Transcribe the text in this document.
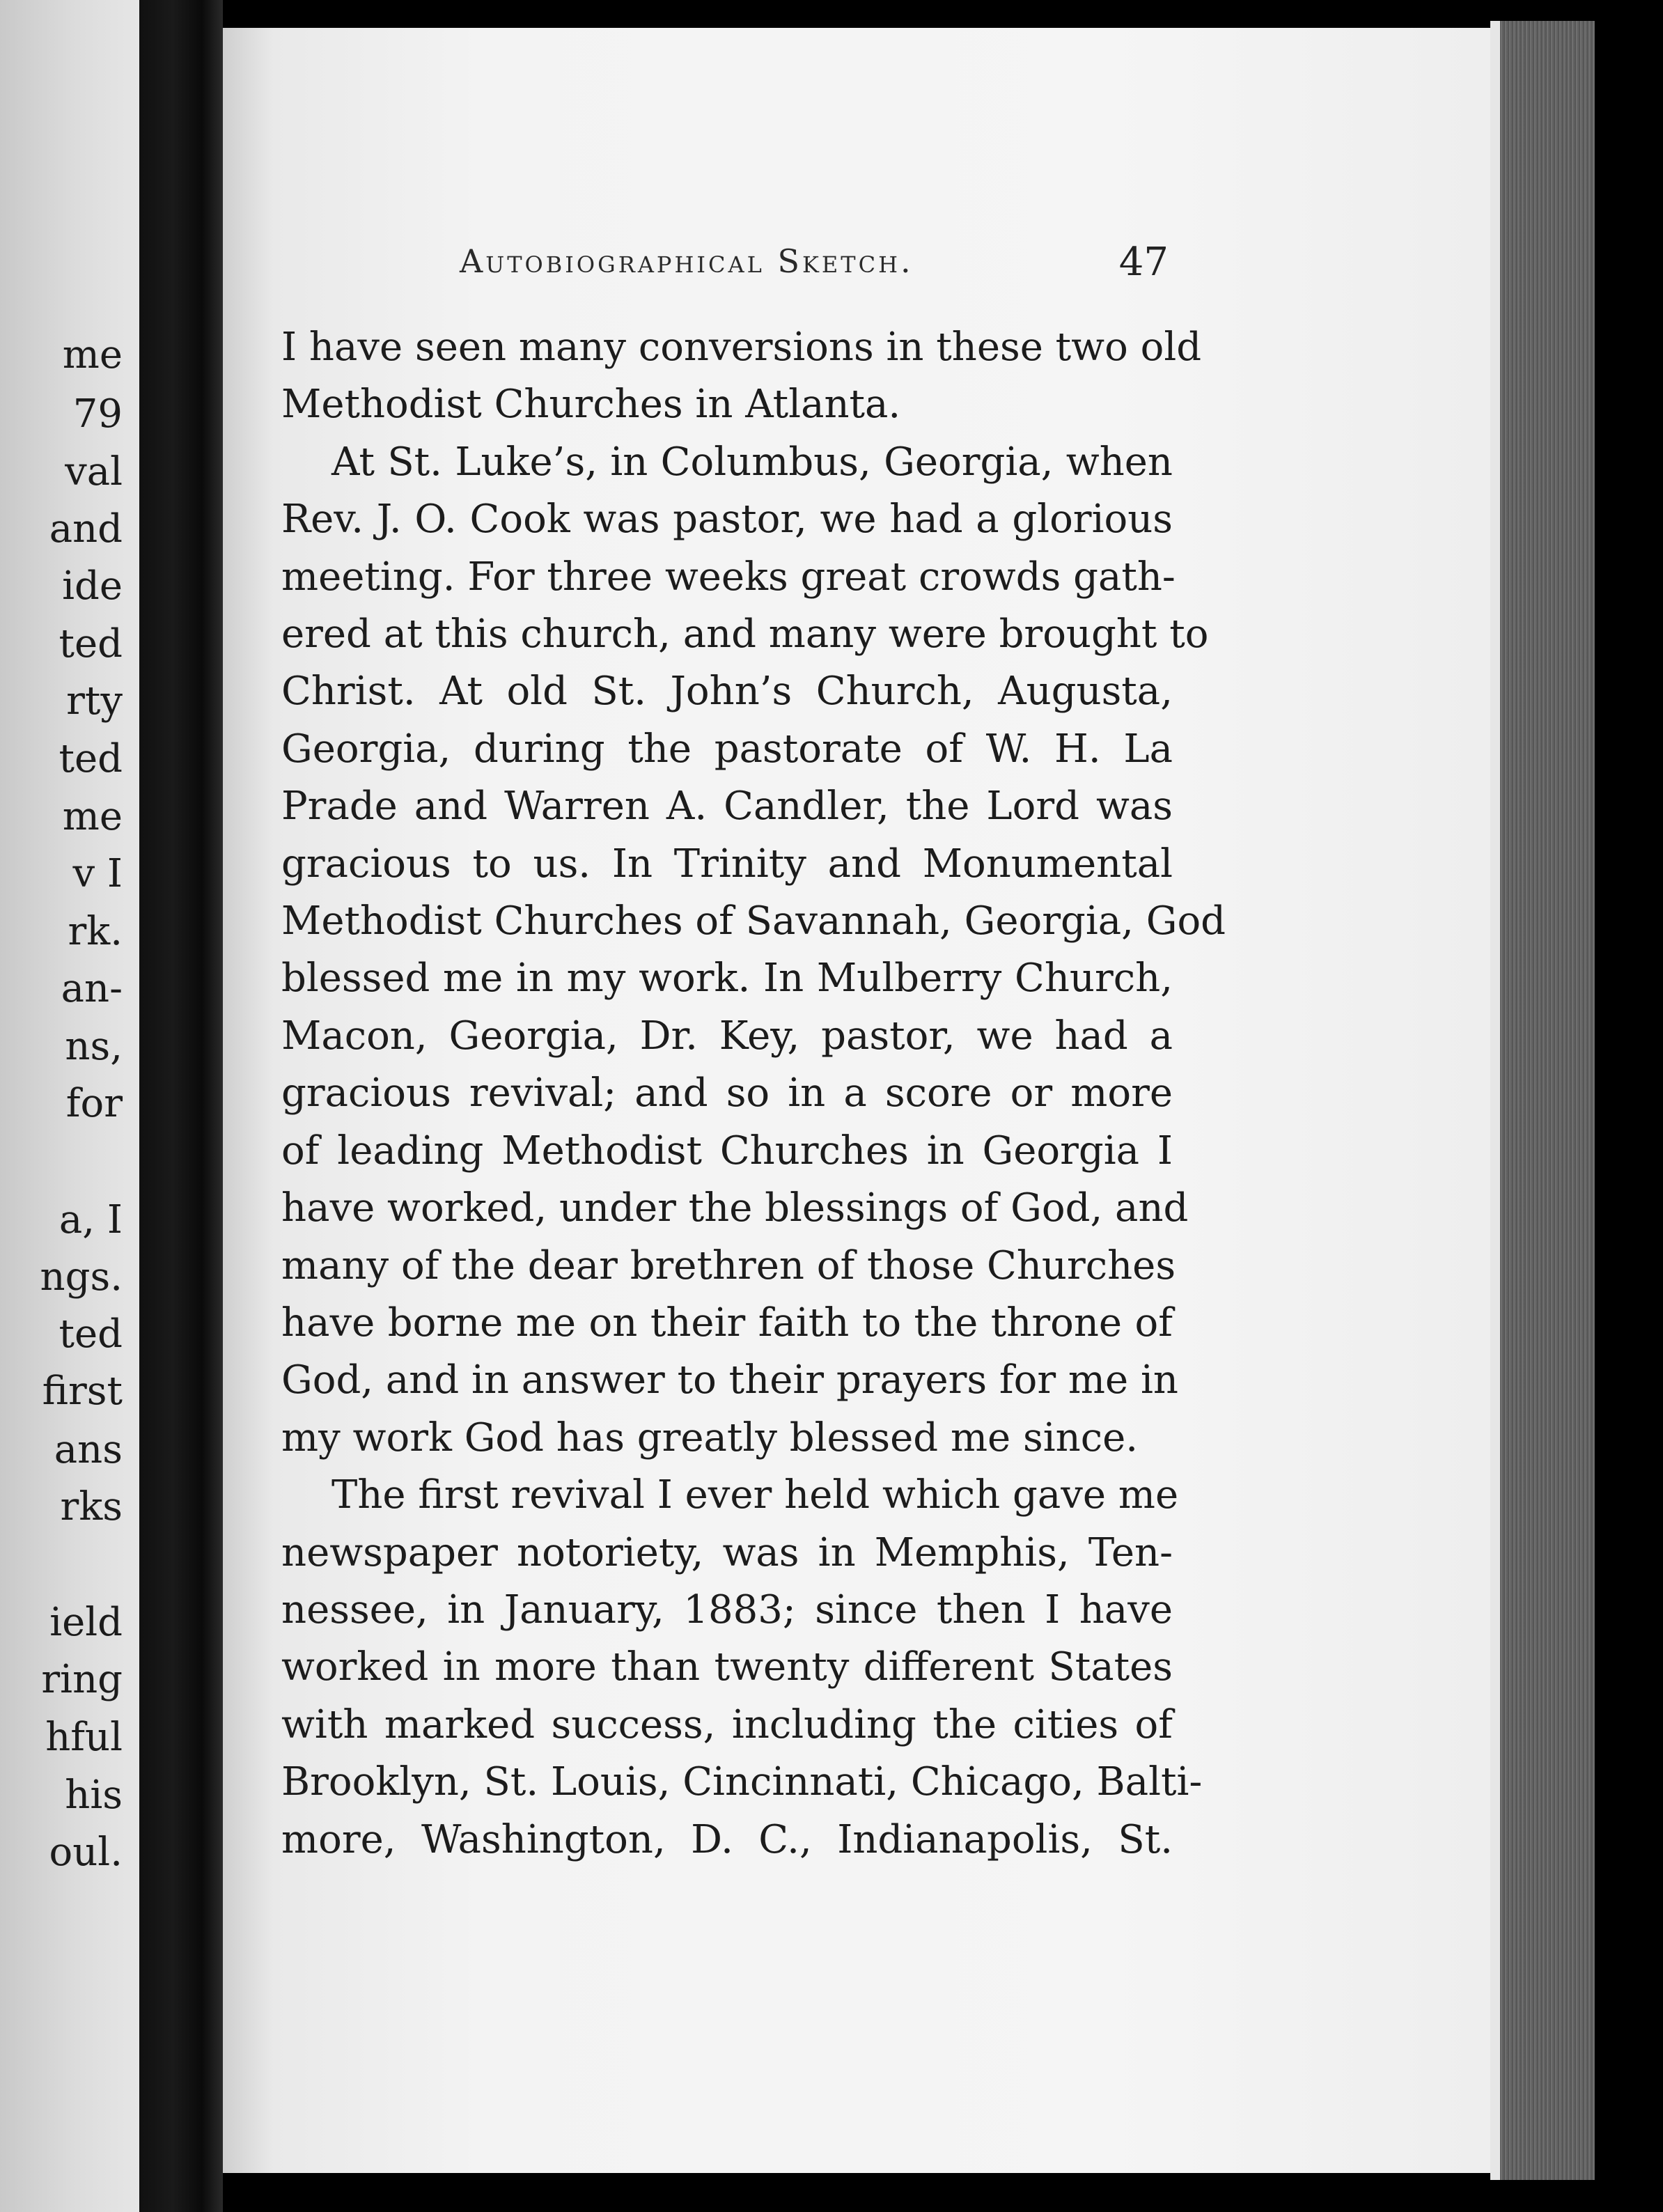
me

79

val

and

ide

ted

rty

ted

me

v I

rk.

an-

ns,

for

a, I

ngs.

ted

first

ans

rks

ield

ring

hful

his

oul.

Autobiographical Sketch.	47

I have seen many conversions in these two old

Methodist Churches in Atlanta.

At St. Luke’s, in Columbus, Georgia, when

Rev. J. O. Cook was pastor, we had a glorious

meeting. For three weeks great crowds gath-

ered at this church, and many were brought to

Christ. At old St. John’s Church, Augusta,

Georgia, during the pastorate of W. H. La

Prade and Warren A. Candler, the Lord was

gracious to us. In Trinity and Monumental

Methodist Churches of Savannah, Georgia, God

blessed me in my work. In Mulberry Church,

Macon, Georgia, Dr. Key, pastor, we had a

gracious revival; and so in a score or more

of leading Methodist Churches in Georgia I

have worked, under the blessings of God, and

many of the dear brethren of those Churches

have borne me on their faith to the throne of

God, and in answer to their prayers for me in

my work God has greatly blessed me since.

The first revival I ever held which gave me

newspaper notoriety, was in Memphis, Ten-

nessee, in January, 1883; since then I have

worked in more than twenty different States

with marked success, including the cities of

Brooklyn, St. Louis, Cincinnati, Chicago, Balti-

more, Washington, D. C., Indianapolis, St.
